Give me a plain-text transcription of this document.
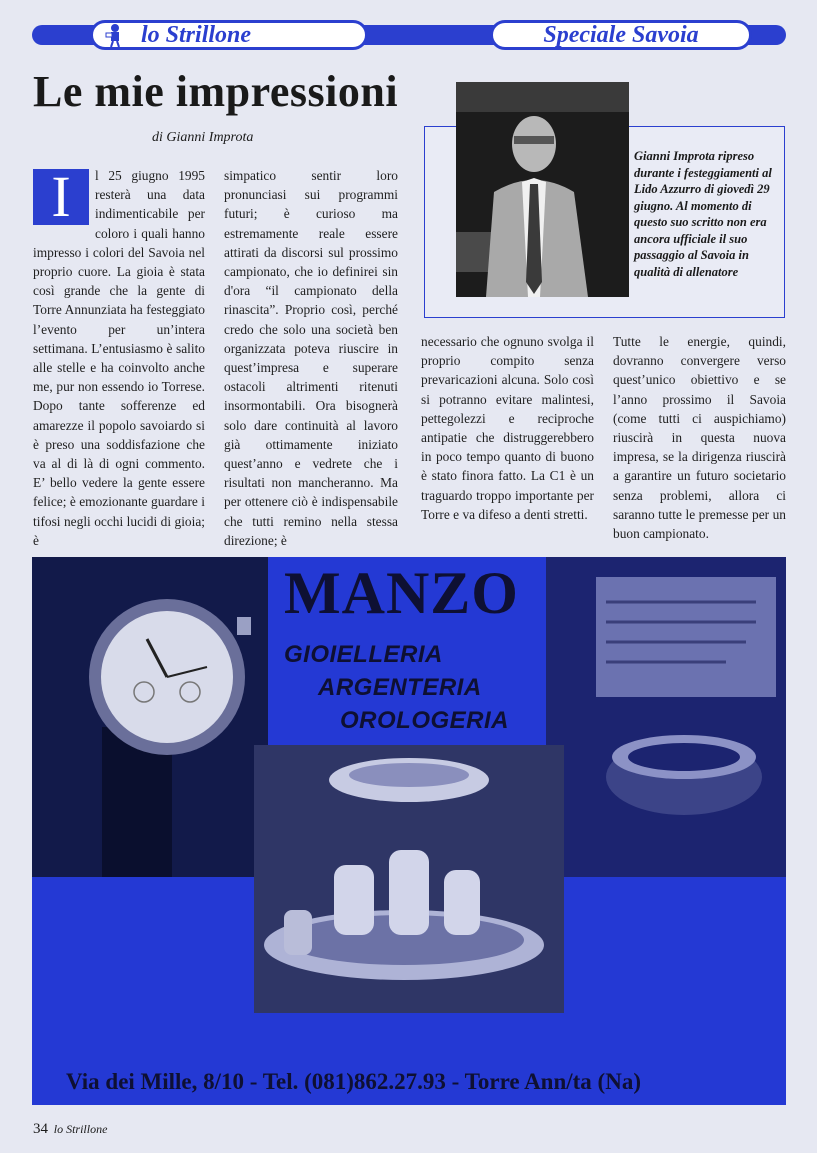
lo Strillone	Speciale Savoia
Le mie impressioni
di Gianni Improta
Gianni Improta ripreso durante i festeggiamenti al Lido Azzurro di giovedì 29 giugno. Al momento di questo suo scritto non era ancora ufficiale il suo passaggio al Savoia in qualità di allenatore
I	l 25 giugno 1995 resterà una data indimenticabile per coloro i quali hanno impresso i colori del Savoia nel proprio cuore. La gioia è stata così grande che la gente di Torre Annunziata ha festeggiato l’evento per un’intera settimana. L’entusiasmo è salito alle stelle e ha coinvolto anche me, pur non essendo io Torrese. Dopo tante sofferenze ed amarezze il popolo savoiardo si è preso una soddisfazione che va al di là di ogni commento. E’ bello vedere la gente essere felice; è emozionante guardare i tifosi negli occhi lucidi di gioia; è
simpatico sentir loro pronunciasi sui programmi futuri; è curioso ma estremamente reale essere attirati da discorsi sul prossimo campionato, che io definirei sin d'ora “il campionato della rinascita”. Proprio così, perché credo che solo una società ben organizzata poteva riuscire in quest’impresa e superare ostacoli altrimenti ritenuti insormontabili. Ora bisognerà solo dare continuità al lavoro già ottimamente iniziato quest’anno e vedrete che i risultati non mancheranno. Ma per ottenere ciò è indispensabile che tutti remino nella stessa direzione; è
necessario che ognuno svolga il proprio compito senza prevaricazioni alcuna. Solo così si potranno evitare malintesi, pettegolezzi e reciproche antipatie che distruggerebbero in poco tempo quanto di buono è stato finora fatto. La C1 è un traguardo troppo importante per Torre e va difeso a denti stretti.
Tutte le energie, quindi, dovranno convergere verso quest’unico obiettivo e se l’anno prossimo il Savoia (come tutti ci auspichiamo) riuscirà in questa nuova impresa, se la dirigenza riuscirà a garantire un futuro societario senza problemi, allora ci saranno tutte le premesse per un buon campionato.
MANZO
GIOIELLERIA
ARGENTERIA
OROLOGERIA
Via dei Mille, 8/10 - Tel. (081)862.27.93 - Torre Ann/ta (Na)
34 lo Strillone
